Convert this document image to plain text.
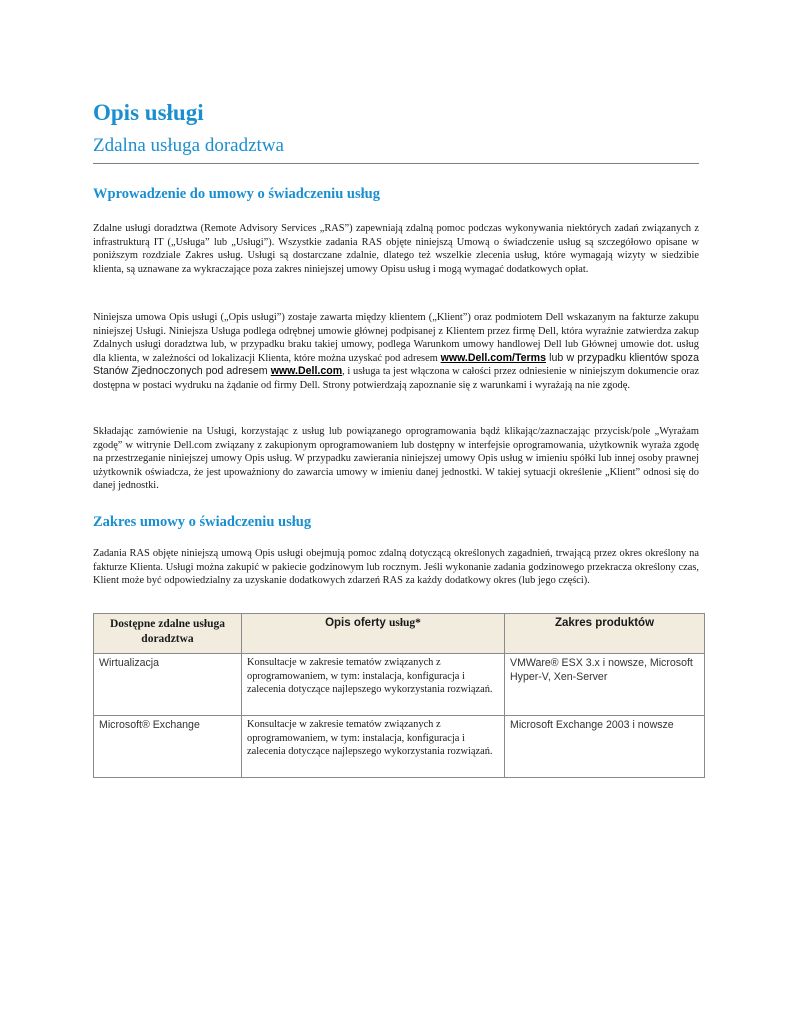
Opis usługi
Zdalna usługa doradztwa
Wprowadzenie do umowy o świadczeniu usług

Zdalne usługi doradztwa (Remote Advisory Services „RAS”) zapewniają zdalną pomoc podczas wykonywania niektórych zadań związanych z infrastrukturą IT („Usługa” lub „Usługi”). Wszystkie zadania RAS objęte niniejszą Umową o świadczenie usług są szczegółowo opisane w poniższym rozdziale Zakres usług. Usługi są dostarczane zdalnie, dlatego też wszelkie zlecenia usług, które wymagają wizyty w siedzibie klienta, są uznawane za wykraczające poza zakres niniejszej umowy Opisu usług i mogą wymagać dodatkowych opłat.

Niniejsza umowa Opis usługi („Opis usługi”) zostaje zawarta między klientem („Klient”) oraz podmiotem Dell wskazanym na fakturze zakupu niniejszej Usługi. Niniejsza Usługa podlega odrębnej umowie głównej podpisanej z Klientem przez firmę Dell, która wyraźnie zatwierdza zakup Zdalnych usługi doradztwa lub, w przypadku braku takiej umowy, podlega Warunkom umowy handlowej Dell lub Głównej umowie dot. usług dla klienta, w zależności od lokalizacji Klienta, które można uzyskać pod adresem www.Dell.com/Terms lub w przypadku klientów spoza Stanów Zjednoczonych pod adresem www.Dell.com, i usługa ta jest włączona w całości przez odniesienie w niniejszym dokumencie oraz dostępna w postaci wydruku na żądanie od firmy Dell. Strony potwierdzają zapoznanie się z warunkami i wyrażają na nie zgodę.

Składając zamówienie na Usługi, korzystając z usług lub powiązanego oprogramowania bądź klikając/zaznaczając przycisk/pole „Wyrażam zgodę” w witrynie Dell.com związany z zakupionym oprogramowaniem lub dostępny w interfejsie oprogramowania, użytkownik wyraża zgodę na przestrzeganie niniejszej umowy Opis usług. W przypadku zawierania niniejszej umowy Opis usług w imieniu spółki lub innej osoby prawnej użytkownik oświadcza, że jest upoważniony do zawarcia umowy w imieniu danej jednostki. W takiej sytuacji określenie „Klient” odnosi się do danej jednostki.

Zakres umowy o świadczeniu usług

Zadania RAS objęte niniejszą umową Opis usługi obejmują pomoc zdalną dotyczącą określonych zagadnień, trwającą przez okres określony na fakturze Klienta. Usługi można zakupić w pakiecie godzinowym lub rocznym. Jeśli wykonanie zadania godzinowego przekracza określony czas, Klient może być odpowiedzialny za uzyskanie dodatkowych zdarzeń RAS za każdy dodatkowy okres (lub jego części).

Dostępne zdalne usługa doradztwa	Opis oferty usług*	Zakres produktów
Wirtualizacja	Konsultacje w zakresie tematów związanych z oprogramowaniem, w tym: instalacja, konfiguracja i zalecenia dotyczące najlepszego wykorzystania rozwiązań.	VMWare® ESX 3.x i nowsze, Microsoft Hyper-V, Xen-Server
Microsoft® Exchange	Konsultacje w zakresie tematów związanych z oprogramowaniem, w tym: instalacja, konfiguracja i zalecenia dotyczące najlepszego wykorzystania rozwiązań.	Microsoft Exchange 2003 i nowsze
